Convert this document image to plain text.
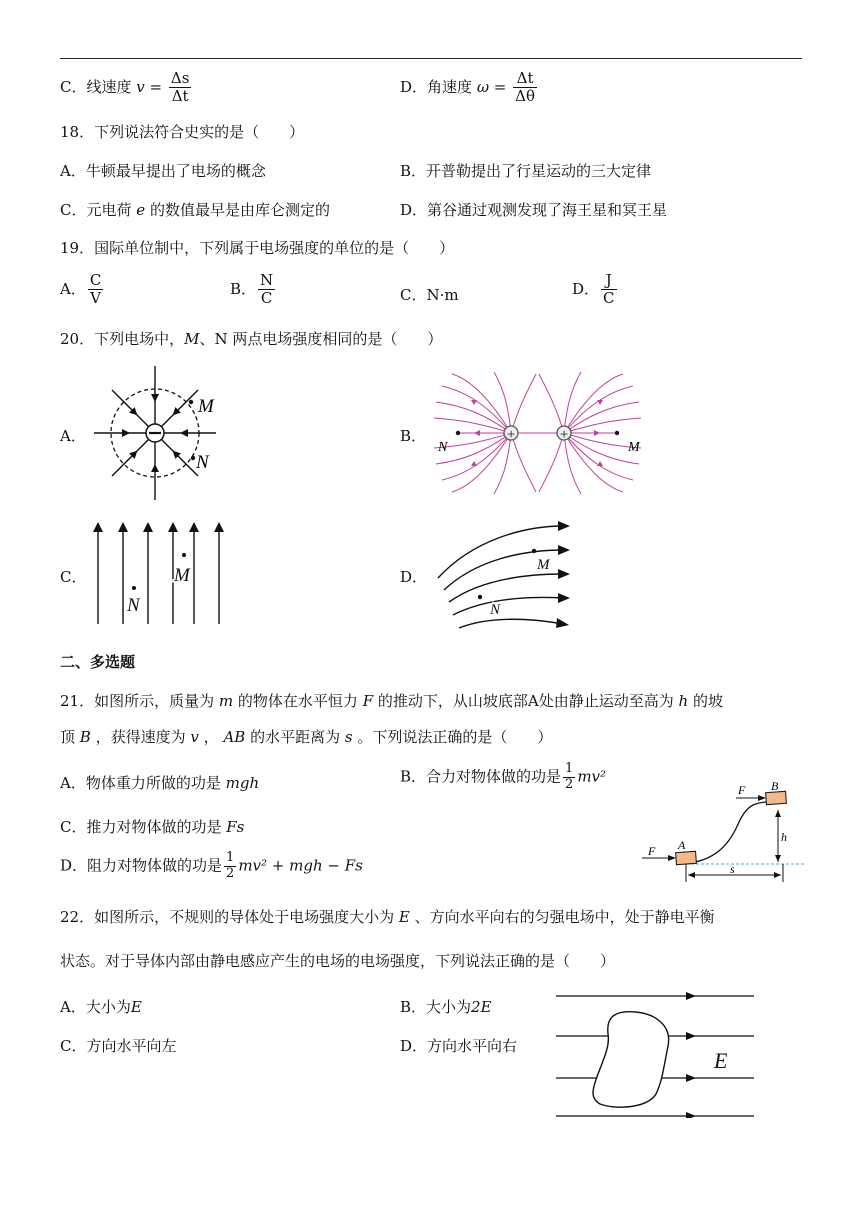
C．线速度 $v = \frac{\Delta s}{\Delta t}$	D．角速度 $\omega = \frac{\Delta t}{\Delta\theta}$
18．下列说法符合史实的是（　　）
A．牛顿最早提出了电场的概念	B．开普勒提出了行星运动的三大定律
C．元电荷 e 的数值最早是由库仑测定的	D．第谷通过观测发现了海王星和冥王星
19．国际单位制中，下列属于电场强度的单位的是（　　）
A． $\frac{C}{V}$	B． $\frac{N}{C}$	C．N·m	D． $\frac{J}{C}$
20．下列电场中，M、N 两点电场强度相同的是（　　）
A．
M
N
B．	+	+
N	M
C．	M
N
D．
M
N
二、多选题
21．如图所示，质量为 m 的物体在水平恒力 F 的推动下，从山坡底部A处由静止运动至高为 h 的坡
顶 B ，获得速度为 v ， AB 的水平距离为 s 。下列说法正确的是（　　）
A．物体重力所做的功是 mgh	B．合力对物体做的功是 $\frac{1}{2} mv^2$
C．推力对物体做的功是 Fs
D．阻力对物体做的功是 $\frac{1}{2} mv^2$ + mgh − Fs
F
F
A
B
h
s
22．如图所示，不规则的导体处于电场强度大小为 E 、方向水平向右的匀强电场中，处于静电平衡
状态。对于导体内部由静电感应产生的电场的电场强度，下列说法正确的是（　　）
A．大小为E	B．大小为2E
C．方向水平向左	D．方向水平向右
E
